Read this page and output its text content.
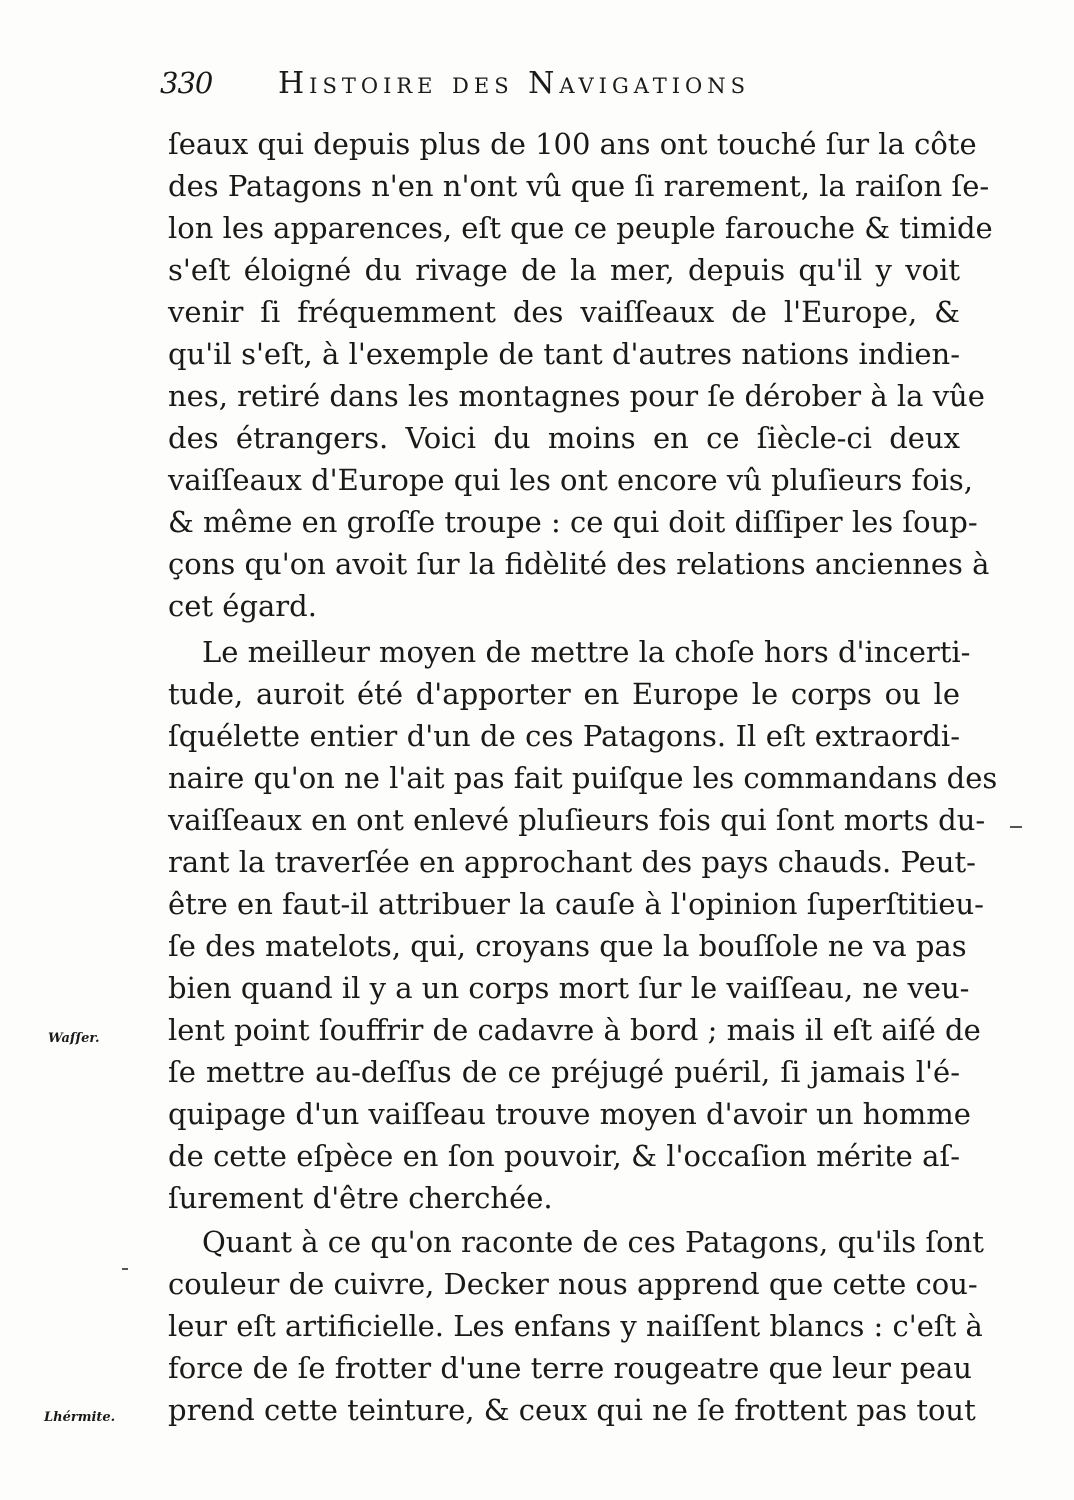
330 Histoire des Navigations
ſeaux qui depuis plus de 100 ans ont touché ſur la côte
des Patagons n'en n'ont vû que ſi rarement, la raiſon ſe-
lon les apparences, eſt que ce peuple farouche & timide
s'eſt éloigné du rivage de la mer, depuis qu'il y voit
venir ſi fréquemment des vaiſſeaux de l'Europe, &
qu'il s'eſt, à l'exemple de tant d'autres nations indien-
nes, retiré dans les montagnes pour ſe dérober à la vûe
des étrangers. Voici du moins en ce ſiècle-ci deux
vaiſſeaux d'Europe qui les ont encore vû pluſieurs fois,
& même en groſſe troupe : ce qui doit diſſiper les ſoup-
çons qu'on avoit ſur la fidèlité des relations anciennes à
cet égard.
Le meilleur moyen de mettre la choſe hors d'incerti-
tude, auroit été d'apporter en Europe le corps ou le
ſquélette entier d'un de ces Patagons. Il eſt extraordi-
naire qu'on ne l'ait pas fait puiſque les commandans des
vaiſſeaux en ont enlevé pluſieurs fois qui ſont morts du-
rant la traverſée en approchant des pays chauds. Peut-
être en faut-il attribuer la cauſe à l'opinion ſuperſtitieu-
ſe des matelots, qui, croyans que la bouſſole ne va pas
bien quand il y a un corps mort ſur le vaiſſeau, ne veu-
lent point ſouffrir de cadavre à bord ; mais il eſt aiſé de
ſe mettre au-deſſus de ce préjugé puéril, ſi jamais l'é-
quipage d'un vaiſſeau trouve moyen d'avoir un homme
de cette eſpèce en ſon pouvoir, & l'occaſion mérite aſ-
ſurement d'être cherchée.
Quant à ce qu'on raconte de ces Patagons, qu'ils ſont
couleur de cuivre, Decker nous apprend que cette cou-
leur eſt artificielle. Les enfans y naiſſent blancs : c'eſt à
force de ſe frotter d'une terre rougeatre que leur peau
prend cette teinture, & ceux qui ne ſe frottent pas tout
Waſſer.
Lhérmite.
